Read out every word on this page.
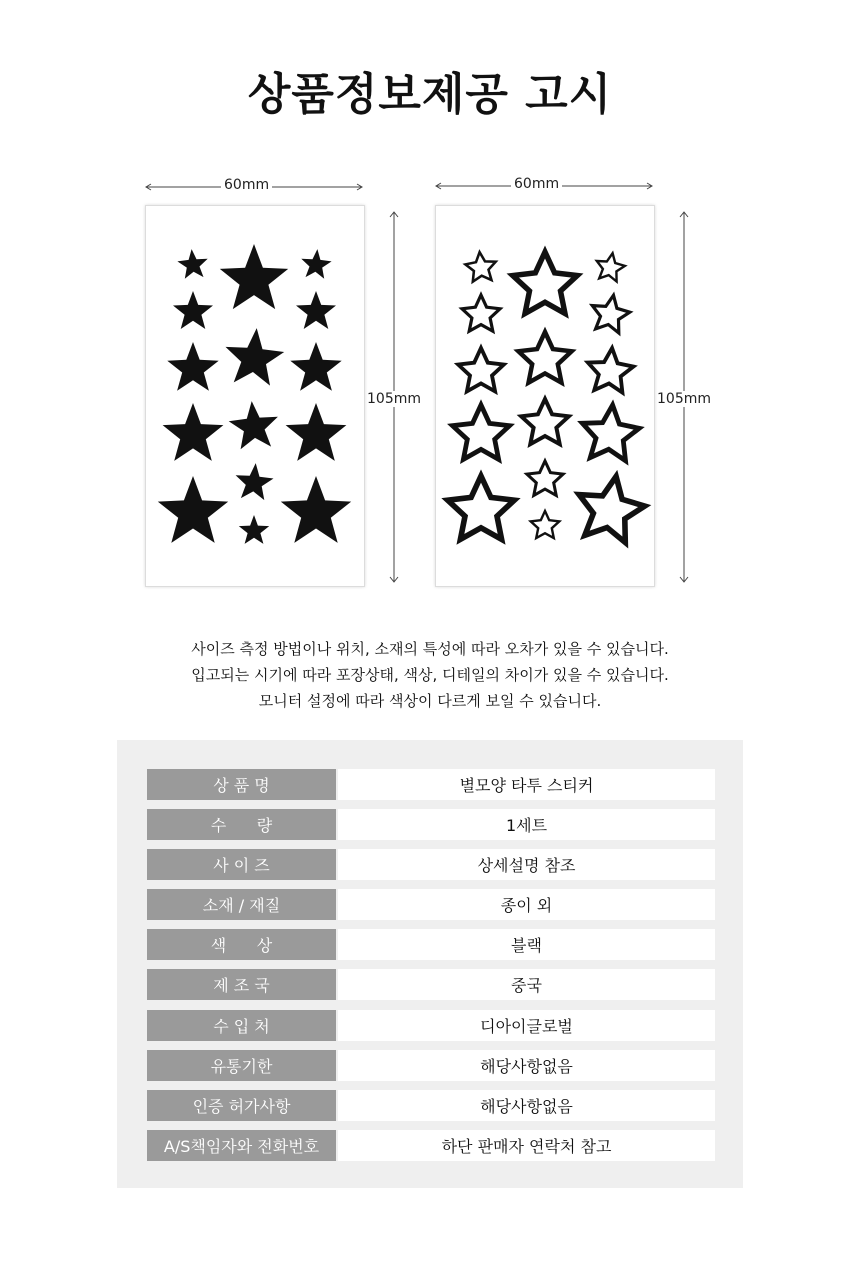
상품정보제공 고시
60mm	60mm
105mm	105mm
사이즈 측정 방법이나 위치, 소재의 특성에 따라 오차가 있을 수 있습니다.
입고되는 시기에 따라 포장상태, 색상, 디테일의 차이가 있을 수 있습니다.
모니터 설정에 따라 색상이 다르게 보일 수 있습니다.
상 품 명	별모양 타투 스티커
수      량	1세트
사 이 즈	상세설명 참조
소재 / 재질	종이 외
색      상	블랙
제 조 국	중국
수 입 처	디아이글로벌
유통기한	해당사항없음
인증 허가사항	해당사항없음
A/S책임자와 전화번호	하단 판매자 연락처 참고
